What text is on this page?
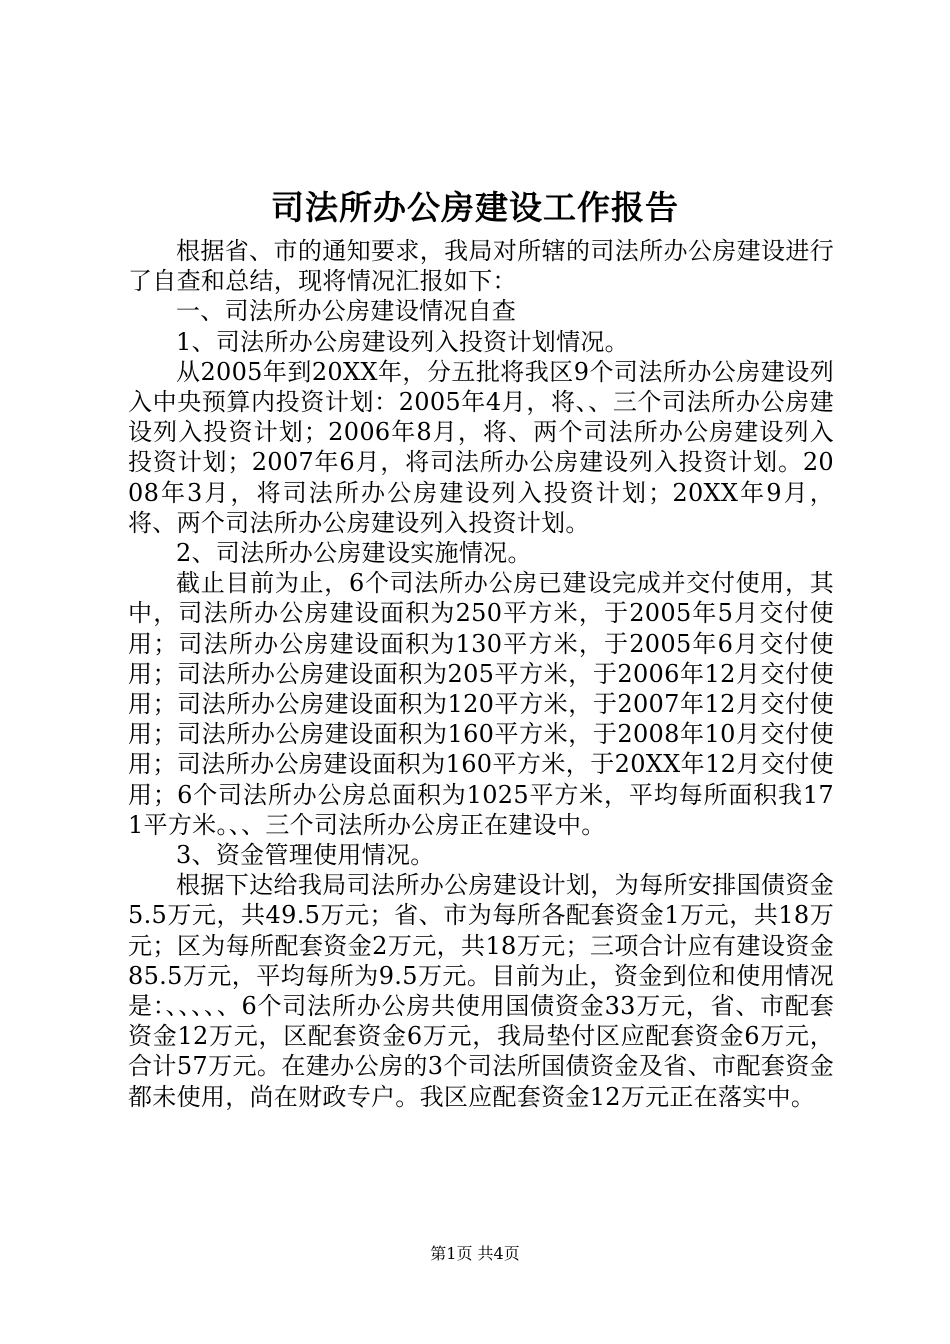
司法所办公房建设工作报告

根据省、市的通知要求，我局对所辖的司法所办公房建设进行了自查和总结，现将情况汇报如下：

一、司法所办公房建设情况自查

1、司法所办公房建设列入投资计划情况。

从2005年到20XX年，分五批将我区9个司法所办公房建设列入中央预算内投资计划：2005年4月，将、、三个司法所办公房建设列入投资计划；2006年8月，将、两个司法所办公房建设列入投资计划；2007年6月，将司法所办公房建设列入投资计划。2008年3月，将司法所办公房建设列入投资计划；20XX年9月，将、两个司法所办公房建设列入投资计划。

2、司法所办公房建设实施情况。

截止目前为止，6个司法所办公房已建设完成并交付使用，其中，司法所办公房建设面积为250平方米，于2005年5月交付使用；司法所办公房建设面积为130平方米，于2005年6月交付使用；司法所办公房建设面积为205平方米，于2006年12月交付使用；司法所办公房建设面积为120平方米，于2007年12月交付使用；司法所办公房建设面积为160平方米，于2008年10月交付使用；司法所办公房建设面积为160平方米，于20XX年12月交付使用；6个司法所办公房总面积为1025平方米，平均每所面积我171平方米。、、三个司法所办公房正在建设中。

3、资金管理使用情况。

根据下达给我局司法所办公房建设计划，为每所安排国债资金5.5万元，共49.5万元；省、市为每所各配套资金1万元，共18万元；区为每所配套资金2万元，共18万元；三项合计应有建设资金85.5万元，平均每所为9.5万元。目前为止，资金到位和使用情况是：、、、、、6个司法所办公房共使用国债资金33万元，省、市配套资金12万元，区配套资金6万元，我局垫付区应配套资金6万元，合计57万元。在建办公房的3个司法所国债资金及省、市配套资金都未使用，尚在财政专户。我区应配套资金12万元正在落实中。

第1页 共4页
